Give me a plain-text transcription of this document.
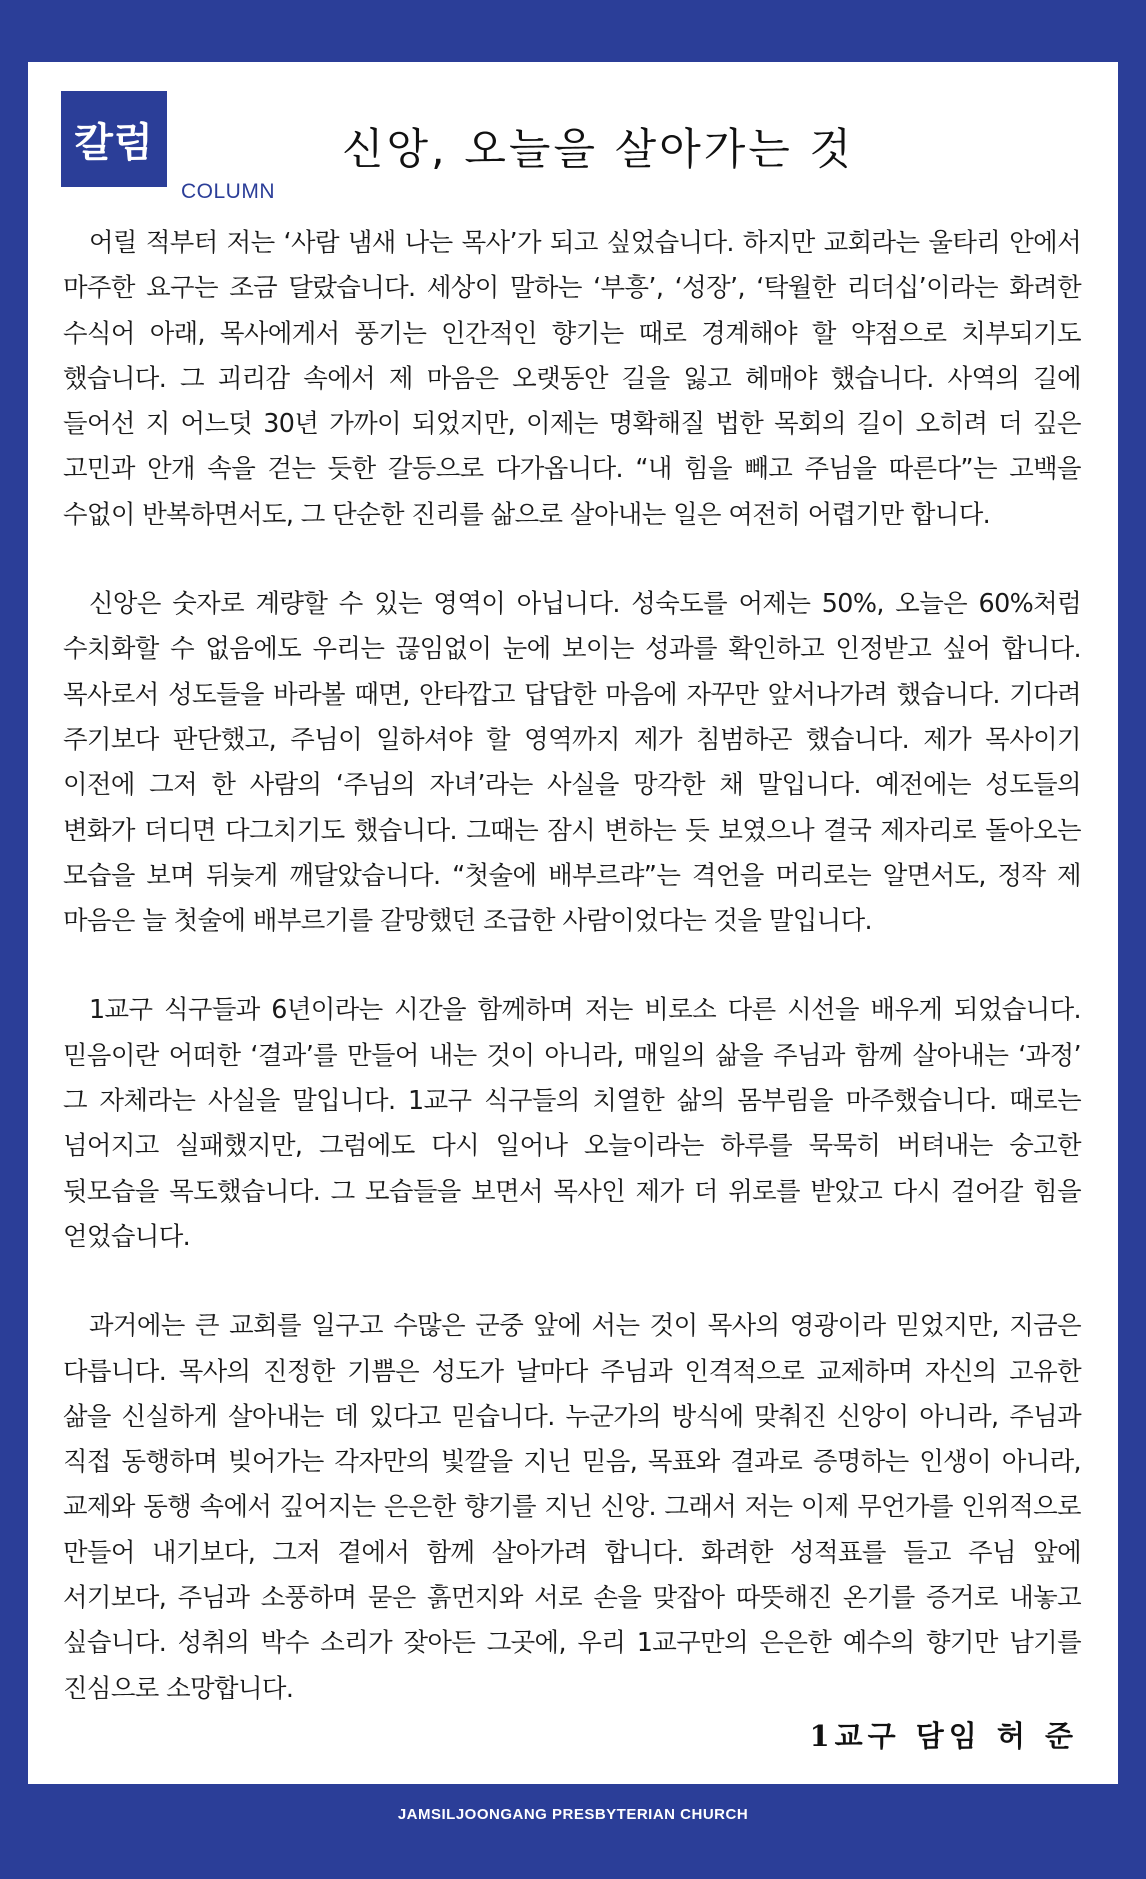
칼럼
COLUMN
신앙, 오늘을 살아가는 것

어릴 적부터 저는 ‘사람 냄새 나는 목사’가 되고 싶었습니다. 하지만 교회라는 울타리 안에서 마주한 요구는 조금 달랐습니다. 세상이 말하는 ‘부흥’, ‘성장’, ‘탁월한 리더십’이라는 화려한 수식어 아래, 목사에게서 풍기는 인간적인 향기는 때로 경계해야 할 약점으로 치부되기도 했습니다. 그 괴리감 속에서 제 마음은 오랫동안 길을 잃고 헤매야 했습니다. 사역의 길에 들어선 지 어느덧 30년 가까이 되었지만, 이제는 명확해질 법한 목회의 길이 오히려 더 깊은 고민과 안개 속을 걷는 듯한 갈등으로 다가옵니다. “내 힘을 빼고 주님을 따른다”는 고백을 수없이 반복하면서도, 그 단순한 진리를 삶으로 살아내는 일은 여전히 어렵기만 합니다.

신앙은 숫자로 계량할 수 있는 영역이 아닙니다. 성숙도를 어제는 50%, 오늘은 60%처럼 수치화할 수 없음에도 우리는 끊임없이 눈에 보이는 성과를 확인하고 인정받고 싶어 합니다. 목사로서 성도들을 바라볼 때면, 안타깝고 답답한 마음에 자꾸만 앞서나가려 했습니다. 기다려 주기보다 판단했고, 주님이 일하셔야 할 영역까지 제가 침범하곤 했습니다. 제가 목사이기 이전에 그저 한 사람의 ‘주님의 자녀’라는 사실을 망각한 채 말입니다. 예전에는 성도들의 변화가 더디면 다그치기도 했습니다. 그때는 잠시 변하는 듯 보였으나 결국 제자리로 돌아오는 모습을 보며 뒤늦게 깨달았습니다. “첫술에 배부르랴”는 격언을 머리로는 알면서도, 정작 제 마음은 늘 첫술에 배부르기를 갈망했던 조급한 사람이었다는 것을 말입니다.

1교구 식구들과 6년이라는 시간을 함께하며 저는 비로소 다른 시선을 배우게 되었습니다. 믿음이란 어떠한 ‘결과’를 만들어 내는 것이 아니라, 매일의 삶을 주님과 함께 살아내는 ‘과정’ 그 자체라는 사실을 말입니다. 1교구 식구들의 치열한 삶의 몸부림을 마주했습니다. 때로는 넘어지고 실패했지만, 그럼에도 다시 일어나 오늘이라는 하루를 묵묵히 버텨내는 숭고한 뒷모습을 목도했습니다. 그 모습들을 보면서 목사인 제가 더 위로를 받았고 다시 걸어갈 힘을 얻었습니다.

과거에는 큰 교회를 일구고 수많은 군중 앞에 서는 것이 목사의 영광이라 믿었지만, 지금은 다릅니다. 목사의 진정한 기쁨은 성도가 날마다 주님과 인격적으로 교제하며 자신의 고유한 삶을 신실하게 살아내는 데 있다고 믿습니다. 누군가의 방식에 맞춰진 신앙이 아니라, 주님과 직접 동행하며 빚어가는 각자만의 빛깔을 지닌 믿음, 목표와 결과로 증명하는 인생이 아니라, 교제와 동행 속에서 깊어지는 은은한 향기를 지닌 신앙. 그래서 저는 이제 무언가를 인위적으로 만들어 내기보다, 그저 곁에서 함께 살아가려 합니다. 화려한 성적표를 들고 주님 앞에 서기보다, 주님과 소풍하며 묻은 흙먼지와 서로 손을 맞잡아 따뜻해진 온기를 증거로 내놓고 싶습니다. 성취의 박수 소리가 잦아든 그곳에, 우리 1교구만의 은은한 예수의 향기만 남기를 진심으로 소망합니다.

1교구 담임 허 준
JAMSILJOONGANG PRESBYTERIAN CHURCH
